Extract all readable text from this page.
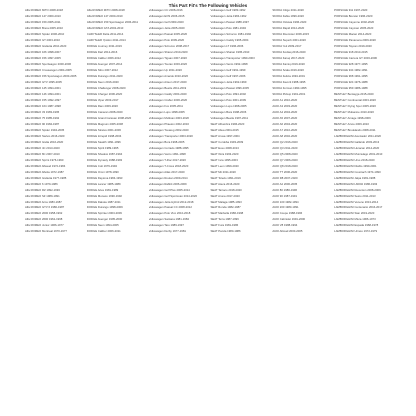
This Part Fit's The Following Vehicles
Alfa ROMEO MiTO 2008-2018
Alfa ROMEO 147 2000-2010
Alfa ROMEO 159 2005-2011
Alfa ROMEO Brera 2005-2010
Alfa ROMEO Spider 2006-2010
Alfa ROMEO GT 2003-2010
Alfa ROMEO Giulietta 2010-2020
Alfa ROMEO 166 1998-2007
Alfa ROMEO 156 1997-2005
Alfa ROMEO Sportwagon 2000-2006
Alfa ROMEO Crosswagon 2004-2005
Alfa ROMEO 156 Sportwagon 2000-2005
Alfa ROMEO GTV 1995-2005
Alfa ROMEO 145 1994-2001
Alfa ROMEO 146 1994-2001
Alfa ROMEO 155 1992-1997
Alfa ROMEO 164 1987-1998
Alfa ROMEO 33 1983-1995
Alfa ROMEO 75 1985-1992
Alfa ROMEO 90 1984-1987
Alfa ROMEO Spider 1994-2005
Alfa ROMEO Stelvio 2016-2020
Alfa ROMEO Giulia 2016-2020
Alfa ROMEO 4C 2013-2020
Alfa ROMEO 8C 2007-2010
Alfa ROMEO Sprint 1976-1990
Alfa ROMEO Alfasud 1972-1984
Alfa ROMEO Alfetta 1972-1987
Alfa ROMEO Giulietta 1977-1985
Alfa ROMEO 6 1979-1986
Alfa ROMEO RZ 1992-1993
Alfa ROMEO SZ 1989-1991
Alfa ROMEO Arna 1983-1987
Alfa ROMEO GTV 6 1980-1987
Alfa ROMEO 2000 1958-1962
Alfa ROMEO 2600 1962-1968
Alfa ROMEO Junior 1966-1977
Alfa ROMEO Montreal 1970-1977
Alfa ROMEO MiTO 2008-2018
Alfa ROMEO 147 2000-2010
Alfa ROMEO 159 Sportwagon 2006-2011
Alfa ROMEO GTA 2002-2010
CHRYSLER Delta 2011-2014
CHRYSLER Ypsilon 2011-2014
DODGE Journey 2011-2019
DODGE Dart 2012-2016
DODGE Caliber 2006-2012
DODGE Avenger 2007-2014
DODGE Nitro 2007-2012
DODGE Durango 2011-2020
DODGE Neon 2016-2020
DODGE Challenger 2008-2020
DODGE Charger 2006-2020
DODGE Viper 2003-2017
DODGE Ram 2009-2020
DODGE Caravan 2008-2020
DODGE Grand Caravan 2008-2020
DODGE Magnum 2005-2008
DODGE Stratus 2001-2006
DODGE Intrepid 1998-2004
DODGE Stealth 1991-1996
DODGE Spirit 1989-1995
DODGE Shadow 1987-1994
DODGE Dynasty 1988-1993
DODGE Colt 1979-1994
DODGE Omni 1978-1990
DODGE Daytona 1984-1993
DODGE Lancer 1985-1989
DODGE Aries 1981-1989
DODGE Monaco 1990-1992
DODGE Dakota 1987-2011
DODGE Durango 1998-2009
DODGE Sprinter 2003-2009
DODGE Avenger 1995-2000
DODGE Neon 1994-2005
DODGE Caliber 2006-2011
Volkswagen CC 2008-2016
Volkswagen EOS 2006-2015
Volkswagen Golf 2003-2020
Volkswagen Jetta 2005-2020
Volkswagen Passat 2005-2020
Volkswagen Polo 2009-2020
Volkswagen Scirocco 2008-2017
Volkswagen Sharan 2010-2020
Volkswagen Tiguan 2007-2020
Volkswagen Touran 2003-2020
Volkswagen Up 2011-2020
Volkswagen Amarok 2010-2020
Volkswagen Arteon 2017-2020
Volkswagen Beetle 2011-2019
Volkswagen Caddy 2004-2020
Volkswagen Crafter 2006-2020
Volkswagen Fox 2005-2011
Volkswagen Lupo 1998-2005
Volkswagen Multivan 2003-2020
Volkswagen Phaeton 2002-2016
Volkswagen Touareg 2002-2020
Volkswagen Transporter 2003-2020
Volkswagen Bora 1998-2005
Volkswagen Corrado 1988-1995
Volkswagen Vento 1991-1998
Volkswagen T-Roc 2017-2020
Volkswagen T-Cross 2018-2020
Volkswagen Atlas 2017-2020
Volkswagen Routan 2009-2014
Volkswagen Rabbit 2006-2009
Volkswagen Golf Plus 2005-2014
Volkswagen Golf Sportsvan 2014-2020
Volkswagen Jetta Hybrid 2012-2018
Volkswagen Passat CC 2008-2012
Volkswagen Polo Vivo 2010-2018
Volkswagen Santana 1981-1984
Volkswagen Taro 1989-1997
Volkswagen Derby 1977-1981
Volkswagen Golf 1983-1992
Volkswagen Jetta 1984-1992
Volkswagen Passat 1988-1997
Volkswagen Polo 1981-1994
Volkswagen Scirocco 1981-1992
Volkswagen Caddy 1995-2004
Volkswagen LT 1996-2006
Volkswagen Sharan 1995-2010
Volkswagen Transporter 1990-2003
Volkswagen Vento 1992-1998
Volkswagen Golf 1991-1999
Volkswagen Golf 1997-2006
Volkswagen Jetta 1992-1999
Volkswagen Passat 1996-2005
Volkswagen Polo 1994-2002
Volkswagen Polo 2001-2009
Volkswagen Lupo 1998-2005
Volkswagen Bora 1998-2006
Volkswagen Beetle 1997-2011
SEAT Alhambra 1996-2020
SEAT Altea 2004-2015
SEAT Arosa 1997-2004
SEAT Cordoba 1993-2009
SEAT Exeo 2008-2013
SEAT Ibiza 1993-2020
SEAT Inca 1995-2003
SEAT Leon 1999-2020
SEAT Mii 2011-2020
SEAT Toledo 1991-2019
SEAT Ateca 2016-2020
SEAT Tarraco 2018-2020
SEAT Arona 2017-2020
SEAT Malaga 1985-1993
SEAT Ronda 1982-1987
SEAT Marbella 1986-1998
SEAT Terra 1987-1996
SEAT Fura 1981-1986
SEAT Panda 1980-1986
SKODA Citigo 2011-2020
SKODA Fabia 1999-2020
SKODA Octavia 1996-2020
SKODA Rapid 2012-2020
SKODA Roomster 2006-2015
SKODA Superb 2001-2020
SKODA Yeti 2009-2017
SKODA Kodiaq 2016-2020
SKODA Karoq 2017-2020
SKODA Kamiq 2019-2020
SKODA Scala 2019-2020
SKODA Felicia 1994-2001
SKODA Favorit 1988-1995
SKODA Forman 1990-1995
SKODA Pickup 1991-2001
AUDI A1 2010-2020
AUDI A3 2003-2020
AUDI A4 2004-2020
AUDI A5 2007-2020
AUDI A6 2004-2020
AUDI A7 2010-2020
AUDI A8 2002-2020
AUDI Q2 2016-2020
AUDI Q3 2011-2020
AUDI Q5 2008-2020
AUDI Q7 2006-2020
AUDI Q8 2018-2020
AUDI TT 2006-2020
AUDI R8 2007-2020
AUDI A2 2000-2005
AUDI 80 1986-1996
AUDI 90 1987-1991
AUDI 100 1982-1994
AUDI 200 1983-1991
AUDI Coupe 1988-1996
AUDI Cabriolet 1991-2000
AUDI V8 1988-1994
AUDI Allroad 2000-2005
PORSCHE 911 1997-2020
PORSCHE Boxster 1996-2020
PORSCHE Cayenne 2002-2020
PORSCHE Cayman 2005-2020
PORSCHE Macan 2014-2020
PORSCHE Panamera 2009-2020
PORSCHE Taycan 2019-2020
PORSCHE 918 2013-2015
PORSCHE Carrera GT 2003-2006
PORSCHE 928 1977-1995
PORSCHE 944 1982-1991
PORSCHE 968 1991-1995
PORSCHE 924 1976-1988
PORSCHE 959 1986-1988
BENTLEY Bentayga 2015-2020
BENTLEY Continental 2003-2020
BENTLEY Flying Spur 2005-2020
BENTLEY Mulsanne 2010-2020
BENTLEY Arnage 1998-2009
BENTLEY Azure 2006-2010
BENTLEY Brooklands 2008-2011
LAMBORGHINI Aventador 2011-2020
LAMBORGHINI Gallardo 2003-2013
LAMBORGHINI Huracan 2014-2020
LAMBORGHINI Murcielago 2001-2010
LAMBORGHINI Urus 2018-2020
LAMBORGHINI Diablo 1990-2001
LAMBORGHINI Countach 1974-1990
LAMBORGHINI Jalpa 1981-1988
LAMBORGHINI LM002 1986-1993
LAMBORGHINI Reventon 2008-2009
LAMBORGHINI Sesto 2011-2013
LAMBORGHINI Veneno 2013-2014
LAMBORGHINI Centenario 2016-2017
LAMBORGHINI Sian 2019-2020
LAMBORGHINI Miura 1966-1973
LAMBORGHINI Espada 1968-1978
LAMBORGHINI Urraco 1972-1979
